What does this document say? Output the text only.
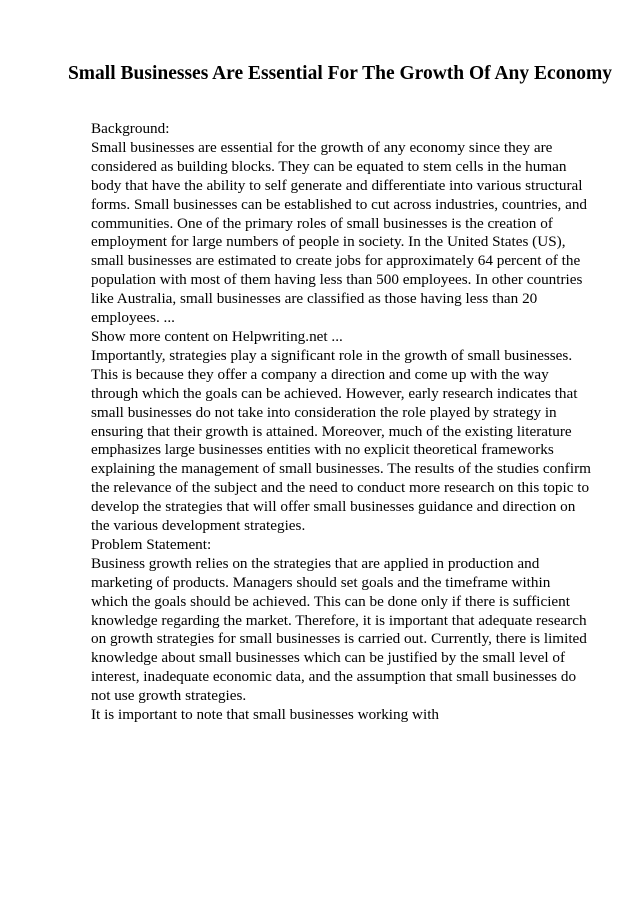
Small Businesses Are Essential For The Growth Of Any Economy

Background:

Small businesses are essential for the growth of any economy since they are considered as building blocks. They can be equated to stem cells in the human body that have the ability to self generate and differentiate into various structural forms. Small businesses can be established to cut across industries, countries, and communities. One of the primary roles of small businesses is the creation of employment for large numbers of people in society. In the United States (US), small businesses are estimated to create jobs for approximately 64 percent of the population with most of them having less than 500 employees. In other countries like Australia, small businesses are classified as those having less than 20 employees. ...

Show more content on Helpwriting.net ...

Importantly, strategies play a significant role in the growth of small businesses. This is because they offer a company a direction and come up with the way through which the goals can be achieved. However, early research indicates that small businesses do not take into consideration the role played by strategy in ensuring that their growth is attained. Moreover, much of the existing literature emphasizes large businesses entities with no explicit theoretical frameworks explaining the management of small businesses. The results of the studies confirm the relevance of the subject and the need to conduct more research on this topic to develop the strategies that will offer small businesses guidance and direction on the various development strategies.

Problem Statement:

Business growth relies on the strategies that are applied in production and marketing of products. Managers should set goals and the timeframe within which the goals should be achieved. This can be done only if there is sufficient knowledge regarding the market. Therefore, it is important that adequate research on growth strategies for small businesses is carried out. Currently, there is limited knowledge about small businesses which can be justified by the small level of interest, inadequate economic data, and the assumption that small businesses do not use growth strategies.

It is important to note that small businesses working with
